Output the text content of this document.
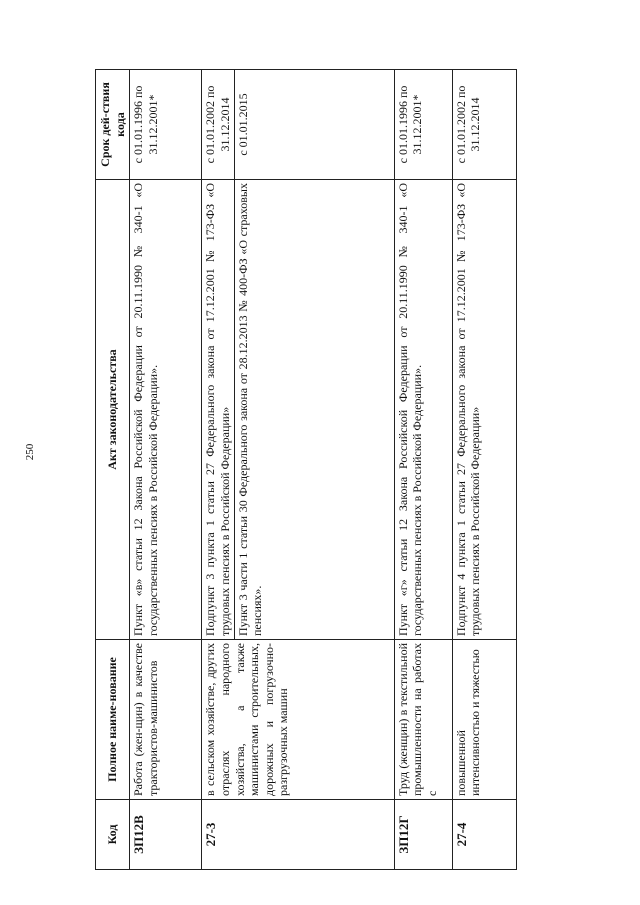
250
Код	Полное наиме-нование	Акт законодательства	Срок дей-ствия кода
ЗП12В	Работа (жен-щин) в качестве трактористов-машинистов	Пункт «в» статьи 12 Закона Российской Федерации от 20.11.1990 № 340-1 «О государственных пенсиях в Российской Федерации».	с 01.01.1996 по 31.12.2001*
27-3	в сельском хозяйстве, других отраслях народного хозяйства, а также машинистами строительных, дорожных и погрузочно-разгрузочных машин	Подпункт 3 пункта 1 статьи 27 Федерального закона от 17.12.2001 № 173-ФЗ «О трудовых пенсиях в Российской Федерации»	с 01.01.2002 по 31.12.2014
		Пункт 3 части 1 статьи 30 Федерального закона от 28.12.2013 № 400-ФЗ «О страховых пенсиях».	с 01.01.2015
ЗП12Г	Труд (женщин) в текстильной промышленности на работах с	Пункт «г» статьи 12 Закона Российской Федерации от 20.11.1990 № 340-1 «О государственных пенсиях в Российской Федерации».	с 01.01.1996 по 31.12.2001*
27-4	повышенной интенсивностью и тяжестью	Подпункт 4 пункта 1 статьи 27 Федерального закона от 17.12.2001 № 173-ФЗ «О трудовых пенсиях в Российской Федерации»	с 01.01.2002 по 31.12.2014
